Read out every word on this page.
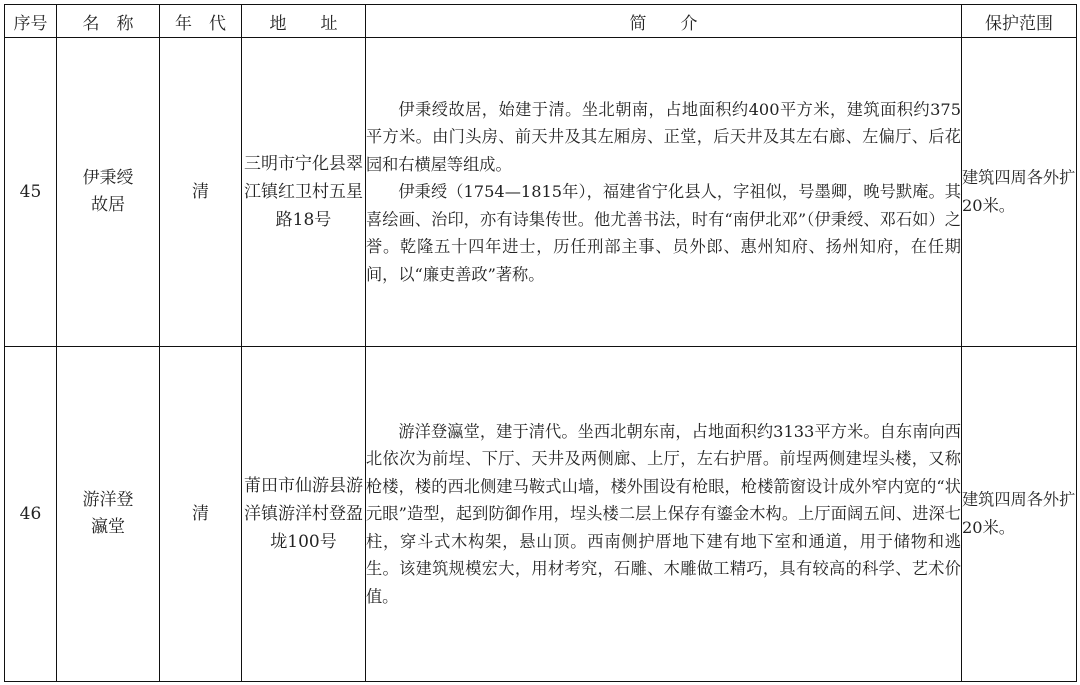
序号	名　称	年　代	地　　址	简　　介	保护范围
45	伊秉绶故居	清	三明市宁化县翠江镇红卫村五星路18号	伊秉绶故居，始建于清。坐北朝南，占地面积约400平方米，建筑面积约375平方米。由门头房、前天井及其左厢房、正堂，后天井及其左右廊、左偏厅、后花园和右横屋等组成。

伊秉绶（1754—1815年），福建省宁化县人，字祖似，号墨卿，晚号默庵。其喜绘画、治印，亦有诗集传世。他尤善书法，时有“南伊北邓”（伊秉绶、邓石如）之誉。乾隆五十四年进士，历任刑部主事、员外郎、惠州知府、扬州知府，在任期间，以“廉吏善政”著称。	建筑四周各外扩20米。
46	游洋登瀛堂	清	莆田市仙游县游洋镇游洋村登盈垅100号	游洋登瀛堂，建于清代。坐西北朝东南，占地面积约3133平方米。自东南向西北依次为前埕、下厅、天井及两侧廊、上厅，左右护厝。前埕两侧建埕头楼，又称枪楼，楼的西北侧建马鞍式山墙，楼外围设有枪眼，枪楼箭窗设计成外窄内宽的“状元眼”造型，起到防御作用，埕头楼二层上保存有鎏金木构。上厅面阔五间、进深七柱，穿斗式木构架，悬山顶。西南侧护厝地下建有地下室和通道，用于储物和逃生。该建筑规模宏大，用材考究，石雕、木雕做工精巧，具有较高的科学、艺术价值。	建筑四周各外扩20米。
